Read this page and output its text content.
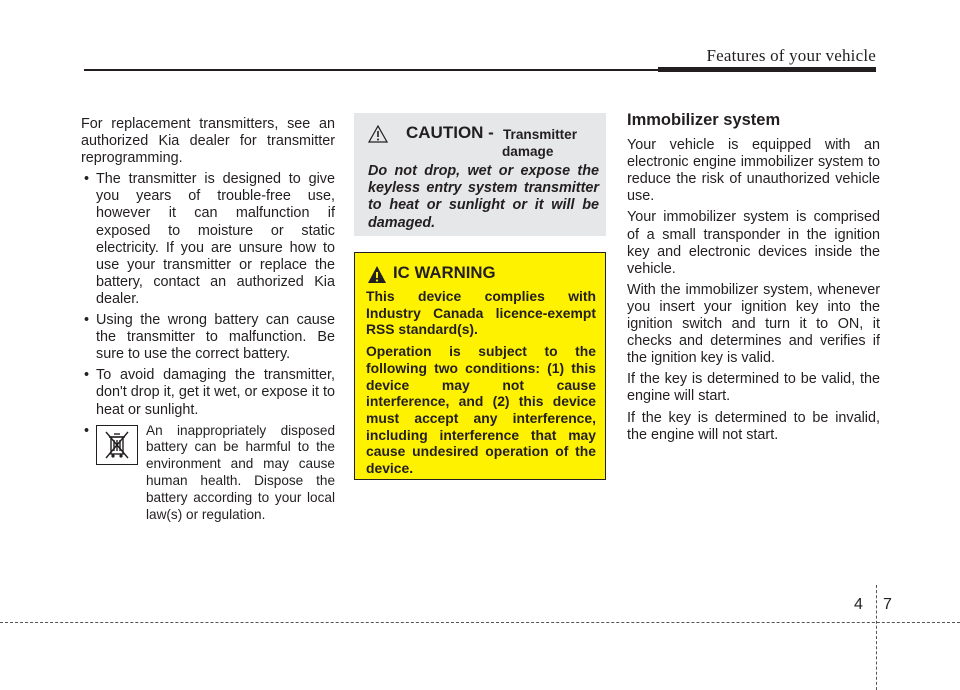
Features of your vehicle

For replacement transmitters, see an authorized Kia dealer for transmitter reprogramming.

• The transmitter is designed to give you years of trouble-free use, however it can malfunction if exposed to moisture or static electricity. If you are unsure how to use your transmitter or replace the battery, contact an authorized Kia dealer.
• Using the wrong battery can cause the transmitter to malfunction. Be sure to use the correct battery.
• To avoid damaging the transmitter, don't drop it, get it wet, or expose it to heat or sunlight.
• An inappropriately disposed battery can be harmful to the environment and may cause human health. Dispose the battery according to your local law(s) or regulation.
CAUTION - Transmitter
damage
Do not drop, wet or expose the keyless entry system transmitter to heat or sunlight or it will be damaged.
IC WARNING

This device complies with Industry Canada licence-exempt RSS standard(s).

Operation is subject to the following two conditions: (1) this device may not cause interference, and (2) this device must accept any interference, including interference that may cause undesired operation of the device.

Immobilizer system

Your vehicle is equipped with an electronic engine immobilizer system to reduce the risk of unauthorized vehicle use.

Your immobilizer system is comprised of a small transponder in the ignition key and electronic devices inside the vehicle.

With the immobilizer system, whenever you insert your ignition key into the ignition switch and turn it to ON, it checks and determines and verifies if the ignition key is valid.

If the key is determined to be valid, the engine will start.

If the key is determined to be invalid, the engine will not start.

4 7
